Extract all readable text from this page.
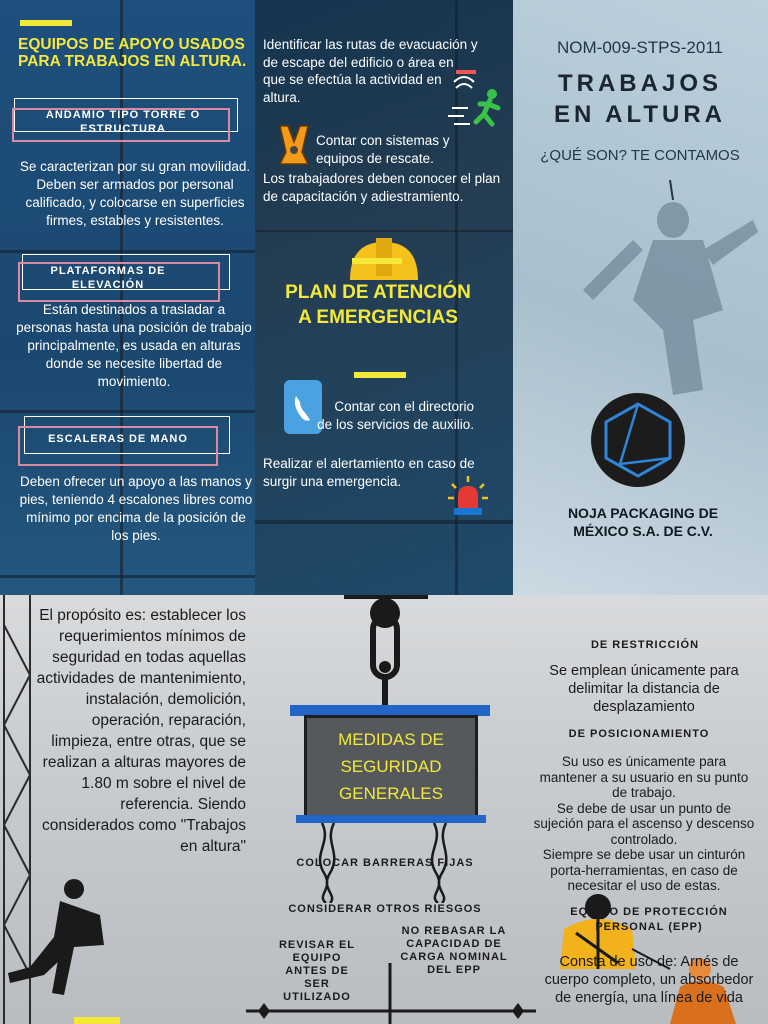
EQUIPOS DE APOYO USADOS PARA TRABAJOS EN ALTURA.
ANDAMIO TIPO TORRE O ESTRUCTURA
Se caracterizan por su gran movilidad. Deben ser armados por personal calificado, y colocarse en superficies firmes, estables y resistentes.
PLATAFORMAS DE ELEVACIÓN
Están destinados a trasladar a personas hasta una posición de trabajo principalmente, es usada en alturas donde se necesite libertad de movimiento.
ESCALERAS DE MANO
Deben ofrecer un apoyo a las manos y pies, teniendo 4 escalones libres como mínimo por encima de la posición de los pies.
Identificar las rutas de evacuación y de escape del edificio o área en que se efectúa la actividad en altura.
Contar con sistemas y equipos de rescate.
Los trabajadores deben conocer el plan de capacitación y adiestramiento.
PLAN DE ATENCIÓN A EMERGENCIAS
Contar con el directorio de los servicios de auxilio.
Realizar el alertamiento en caso de surgir una emergencia.
NOM-009-STPS-2011
TRABAJOS
EN ALTURA
¿QUÉ SON? TE CONTAMOS
NOJA PACKAGING DE MÉXICO S.A. DE C.V.
El propósito es: establecer los requerimientos mínimos de seguridad en todas aquellas actividades de mantenimiento, instalación, demolición, operación, reparación, limpieza, entre otras, que se realizan a alturas mayores de 1.80 m sobre el nivel de referencia. Siendo considerados como "Trabajos en altura"
MEDIDAS DE SEGURIDAD GENERALES
COLOCAR BARRERAS FIJAS
CONSIDERAR OTROS RIESGOS
REVISAR EL EQUIPO ANTES DE SER UTILIZADO
NO REBASAR LA CAPACIDAD DE CARGA NOMINAL DEL EPP
DE RESTRICCIÓN
Se emplean únicamente para delimitar la distancia de desplazamiento
DE POSICIONAMIENTO
Su uso es únicamente para mantener a su usuario en su punto de trabajo.
Se debe de usar un punto de sujeción para el ascenso y descenso controlado.
Siempre se debe usar un cinturón porta-herramientas, en caso de necesitar el uso de estas.
EQUIPO DE PROTECCIÓN PERSONAL (EPP)
Consta de uso de: Arnés de cuerpo completo, un absorbedor de energía, una línea de vida
